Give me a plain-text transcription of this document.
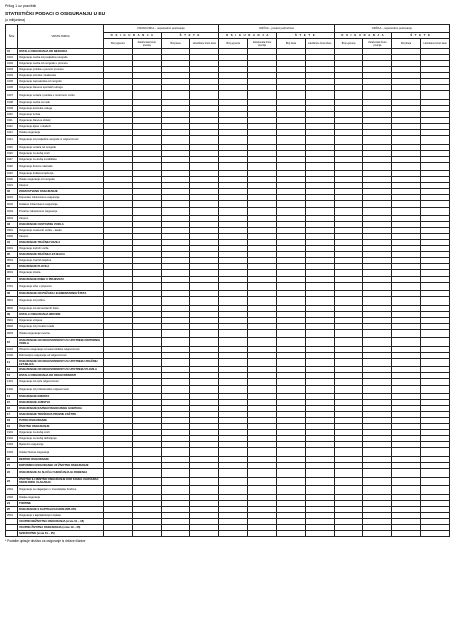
Prilog 1 uz pravilnik
STATISTIČKI PODACI O OSIGURANJU U EU
(u milijunima)
Šifra	VRSTE RIZIKA	FRANCUSKA – neposredno poslovanje				GRČKA – poslovi podružnica				GRČKA – neposredno poslovanje			
		O S I G U R A N J A		Š T E T E		O S I G U R A N J A		Š T E T E		O S I G U R A N J A		Š T E T E	
		Broj ugovora	Zaračunata bruto premija	Broj šteta	Likvidirane bruto štete	Broj ugovora	Zaračunata bruto premija	Broj šteta	Likvidirane bruto štete	Broj ugovora	Zaračunata bruto premija	Broj šteta	Likvidirane bruto štete
01	OSTALA OSIGURANJA OD NEZGODA												
0101	Osiguranje osoba od posljedica nezgode												
0102	Osiguranje osoba od nezgode u prometu												
0103	Osiguranje putnika u javnom prometu												
0104	Osiguranje učenika i studenata												
0105	Osiguranje zaposlenika od nezgode												
0106	Osiguranje članova sportskih udruga												
0107	Osiguranje vozača i putnika u motornom vozilu												
0108	Osiguranje osoba na radu												
0109	Osiguranje korisnika usluga												
0110	Osiguranje turista												
0111	Osiguranje članova obitelji												
0112	Osiguranje djece i mladeži												
0113	Ostala osiguranja												
0114	Osiguranje od posljedica nezgode iz odgovornosti												
0115	Osiguranje vozača od nezgode												
0116	Osiguranje za slučaj smrti												
0117	Osiguranje za slučaj invaliditeta												
0118	Osiguranje dnevne naknade												
0119	Osiguranje troškova liječenja												
0120	Ostalo osiguranje od nezgode												
0121	Ukupno												
02	ZDRAVSTVENO OSIGURANJE												
0201	Dopunsko zdravstveno osiguranje												
0202	Dodatno zdravstveno osiguranje												
0203	Privatno zdravstveno osiguranje												
0204	Ukupno												
03	OSIGURANJE CESTOVNIH VOZILA												
0301	Osiguranje cestovnih vozila – kasko												
0302	Ukupno												
04	OSIGURANJE TRAČNIH VOZILA												
0401	Osiguranje tračnih vozila												
05	OSIGURANJE ZRAČNIH LETJELICA												
0501	Osiguranje zračnih letjelica												
06	OSIGURANJE PLOVILA												
0601	Osiguranje plovila												
07	OSIGURANJE ROBE U PRIJEVOZU												
0701	Osiguranje robe u prijevozu												
08	OSIGURANJE OD POŽARA I ELEMENTARNIH ŠTETA												
0801	Osiguranje od požara												
0802	Osiguranje od elementarnih šteta												
09	OSTALA OSIGURANJA IMOVINE												
0901	Osiguranje strojeva												
0902	Osiguranje od provalne krađe												
0903	Ostala osiguranja imovine												
10	OSIGURANJE OD ODGOVORNOSTI ZA UPOTREBU MOTORNIH VOZILA												
1001	Obvezno osiguranje od automobilske odgovornosti												
1002	Dobrovoljno osiguranje od odgovornosti												
11	OSIGURANJE OD ODGOVORNOSTI ZA UPOTREBU ZRAČNIH LETJELICA												
12	OSIGURANJE OD ODGOVORNOSTI ZA UPOTREBU PLOVILA												
13	OSTALA OSIGURANJA OD ODGOVORNOSTI												
1301	Osiguranje od opće odgovornosti												
1302	Osiguranje od profesionalne odgovornosti												
14	OSIGURANJE KREDITA												
15	OSIGURANJE JAMSTVA												
16	OSIGURANJE RAZNIH FINANCIJSKIH GUBITAKA												
17	OSIGURANJE TROŠKOVA PRAVNE ZAŠTITE												
18	PUTNO OSIGURANJE												
19	ŽIVOTNO OSIGURANJE												
1901	Osiguranje za slučaj smrti												
1902	Osiguranje za slučaj doživljenja												
1903	Mješovito osiguranje												
1904	Ostala životna osiguranja												
20	RENTNO OSIGURANJE												
21	DOPUNSKO OSIGURANJE UZ ŽIVOTNO OSIGURANJE												
22	OSIGURANJE ZA SLUČAJ VJENČANJA ILI ROĐENJA												
23	ŽIVOTNO ILI RENTNO OSIGURANJE KOD KOJEG UGOVARAČ SNOSI RIZIK ULAGANJA												
2301	Osiguranje sa ulaganjem u investicijske fondove												
2302	Ostala osiguranja												
24	TONTINE												
25	OSIGURANJE S KAPITALIZACIJOM ISPLATE												
2501	Osiguranje s kapitalizacijom isplate												
	UKUPNO NEŽIVOTNA OSIGURANJA (vrste 01 – 18)												
	UKUPNO ŽIVOTNA OSIGURANJA (vrste 19 – 25)												
	SVEUKUPNO (vrste 01 – 25)												
* Podatke upisuje društvo za osiguranje iz države članice
